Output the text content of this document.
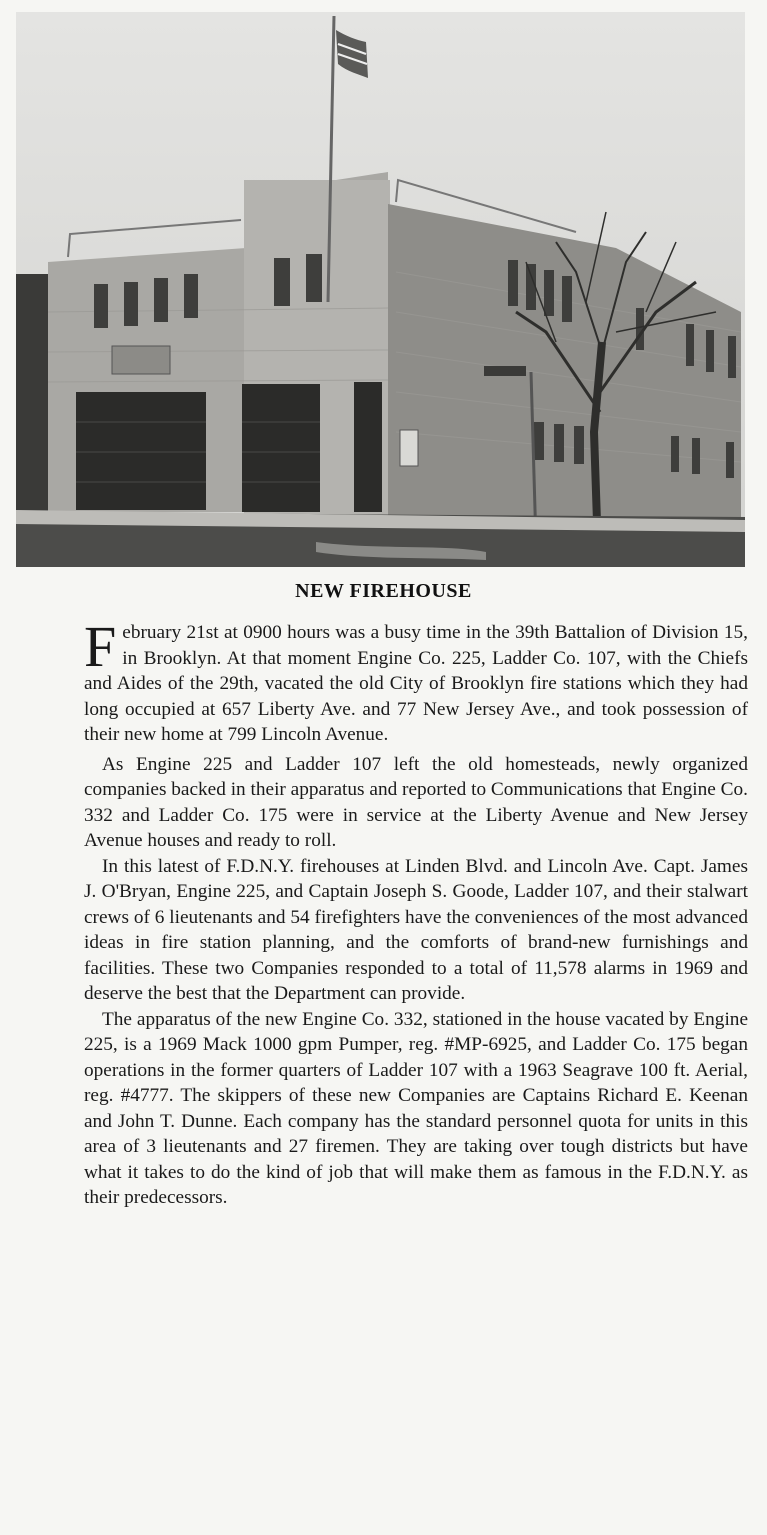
NEW FIREHOUSE

February 21st at 0900 hours was a busy time in the 39th Battalion of Division 15, in Brooklyn. At that moment Engine Co. 225, Ladder Co. 107, with the Chiefs and Aides of the 29th, vacated the old City of Brooklyn fire stations which they had long occupied at 657 Liberty Ave. and 77 New Jersey Ave., and took possession of their new home at 799 Lincoln Avenue.

As Engine 225 and Ladder 107 left the old homesteads, newly organized companies backed in their apparatus and reported to Communications that Engine Co. 332 and Ladder Co. 175 were in service at the Liberty Avenue and New Jersey Avenue houses and ready to roll.

In this latest of F.D.N.Y. firehouses at Linden Blvd. and Lincoln Ave. Capt. James J. O'Bryan, Engine 225, and Captain Joseph S. Goode, Ladder 107, and their stalwart crews of 6 lieutenants and 54 firefighters have the conveniences of the most advanced ideas in fire station planning, and the comforts of brand-new furnishings and facilities. These two Companies responded to a total of 11,578 alarms in 1969 and deserve the best that the Department can provide.

The apparatus of the new Engine Co. 332, stationed in the house vacated by Engine 225, is a 1969 Mack 1000 gpm Pumper, reg. #MP-6925, and Ladder Co. 175 began operations in the former quarters of Ladder 107 with a 1963 Seagrave 100 ft. Aerial, reg. #4777. The skippers of these new Companies are Captains Richard E. Keenan and John T. Dunne. Each company has the standard personnel quota for units in this area of 3 lieutenants and 27 firemen. They are taking over tough districts but have what it takes to do the kind of job that will make them as famous in the F.D.N.Y. as their predecessors.
